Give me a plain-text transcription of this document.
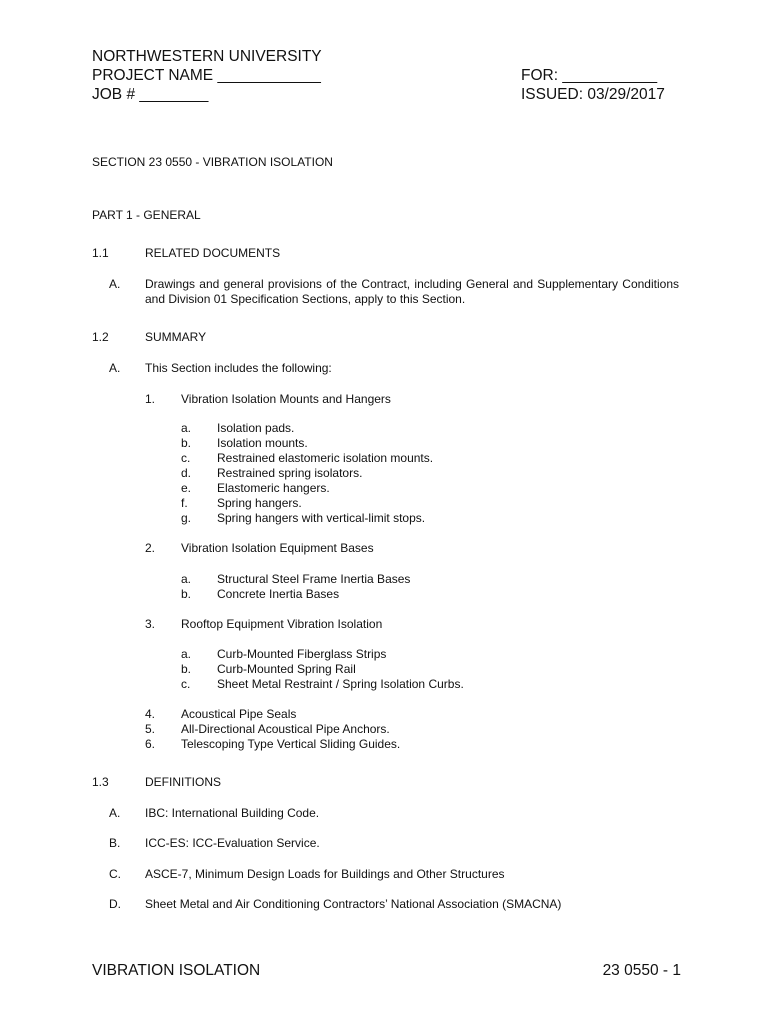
NORTHWESTERN UNIVERSITY
PROJECT NAME ____________
JOB # ________
FOR: ___________
ISSUED: 03/29/2017
SECTION 23 0550 - VIBRATION ISOLATION
PART 1 - GENERAL
1.1	RELATED DOCUMENTS
A. Drawings and general provisions of the Contract, including General and Supplementary Conditions and Division 01 Specification Sections, apply to this Section.
1.2	SUMMARY
A. This Section includes the following:
1. Vibration Isolation Mounts and Hangers
a. Isolation pads.
b. Isolation mounts.
c. Restrained elastomeric isolation mounts.
d. Restrained spring isolators.
e. Elastomeric hangers.
f. Spring hangers.
g. Spring hangers with vertical-limit stops.
2. Vibration Isolation Equipment Bases
a. Structural Steel Frame Inertia Bases
b. Concrete Inertia Bases
3. Rooftop Equipment Vibration Isolation
a. Curb-Mounted Fiberglass Strips
b. Curb-Mounted Spring Rail
c. Sheet Metal Restraint / Spring Isolation Curbs.
4. Acoustical Pipe Seals
5. All-Directional Acoustical Pipe Anchors.
6. Telescoping Type Vertical Sliding Guides.
1.3	DEFINITIONS
A. IBC: International Building Code.
B. ICC-ES: ICC-Evaluation Service.
C. ASCE-7, Minimum Design Loads for Buildings and Other Structures
D. Sheet Metal and Air Conditioning Contractors’ National Association (SMACNA)
VIBRATION ISOLATION	23 0550 - 1
